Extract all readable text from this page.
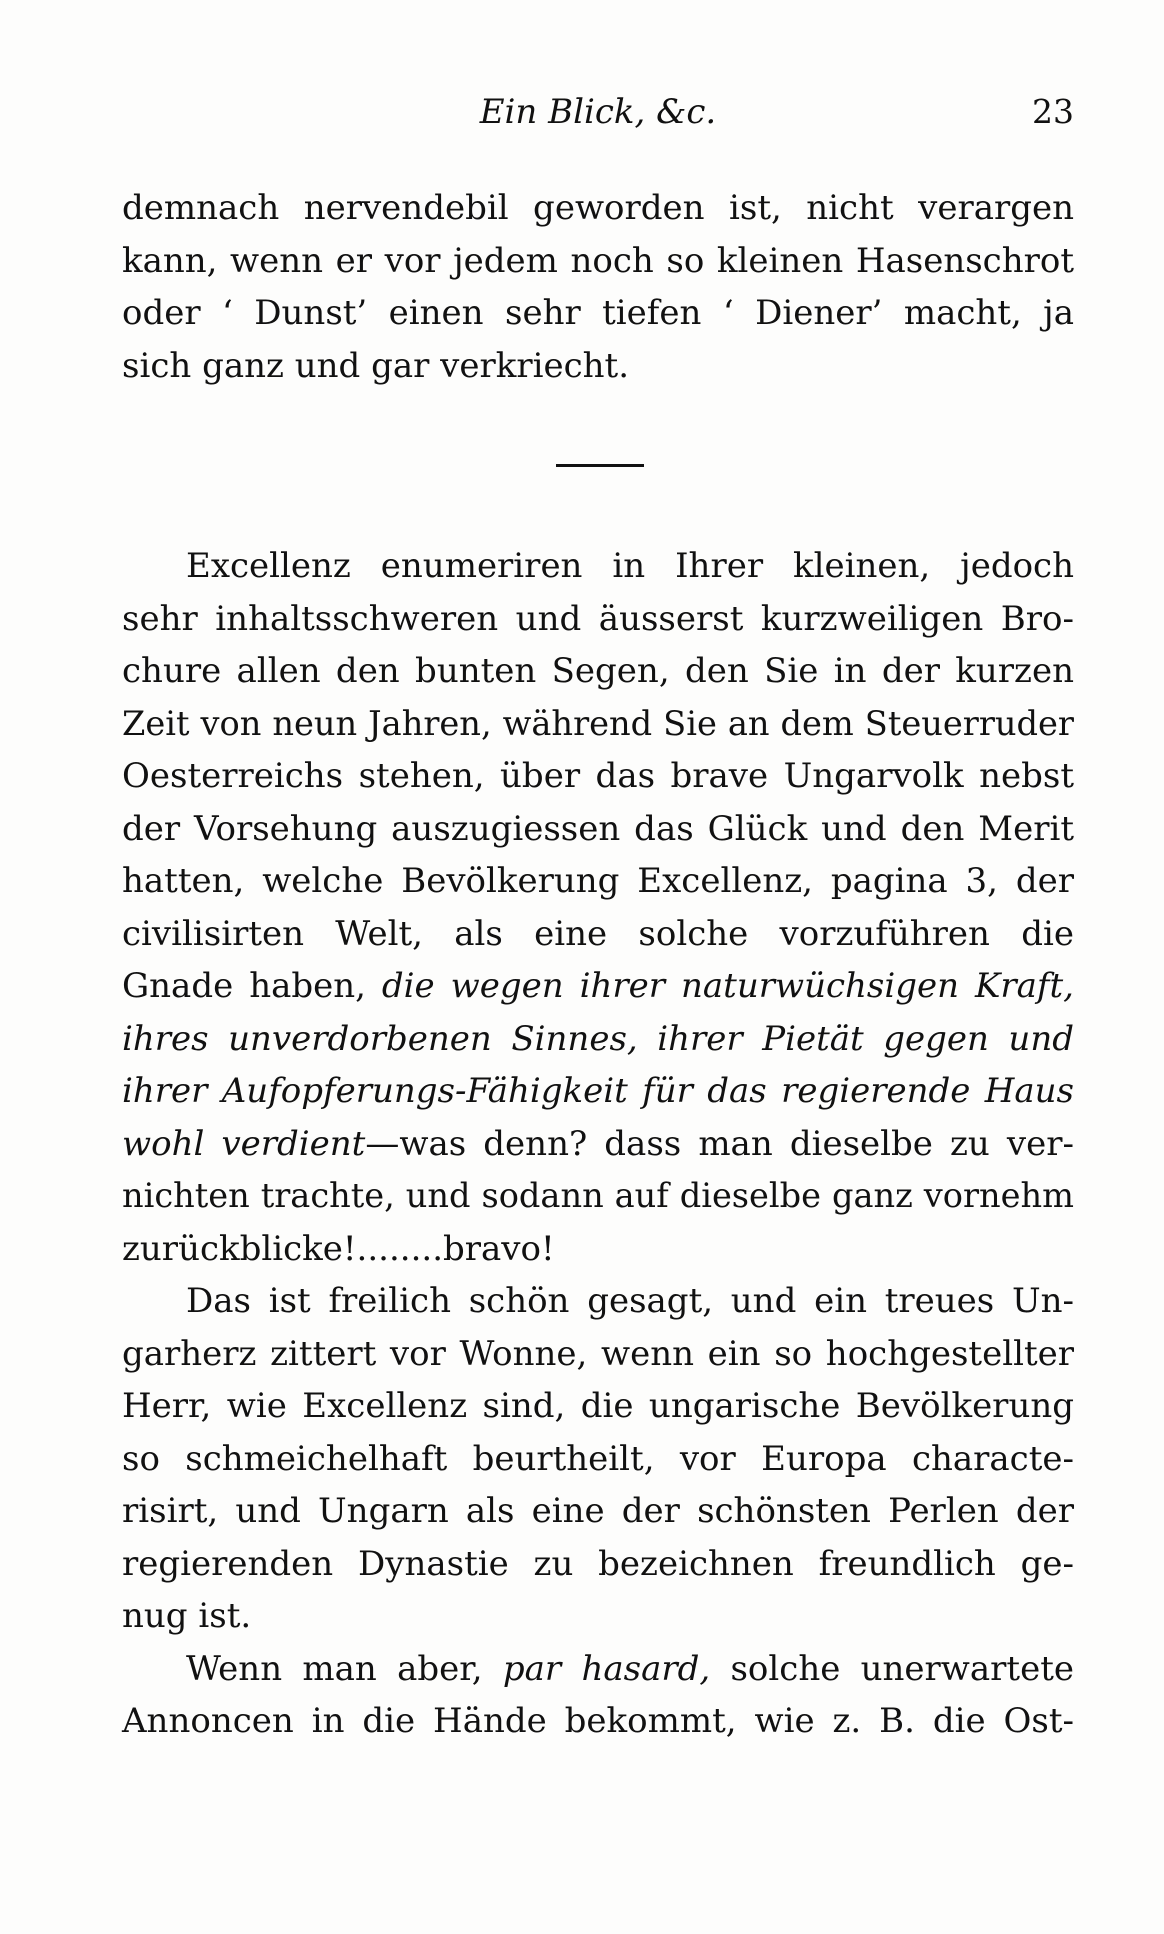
Ein Blick, &c.	23
demnach nervendebil geworden ist, nicht verargen
kann, wenn er vor jedem noch so kleinen Hasenschrot
oder ‘ Dunst’ einen sehr tiefen ‘ Diener’ macht, ja
sich ganz und gar verkriecht.
Excellenz enumeriren in Ihrer kleinen, jedoch
sehr inhaltsschweren und äusserst kurzweiligen Bro-
chure allen den bunten Segen, den Sie in der kurzen
Zeit von neun Jahren, während Sie an dem Steuerruder
Oesterreichs stehen, über das brave Ungarvolk nebst
der Vorsehung auszugiessen das Glück und den Merit
hatten, welche Bevölkerung Excellenz, pagina 3, der
civilisirten Welt, als eine solche vorzuführen die
Gnade haben, die wegen ihrer naturwüchsigen Kraft,
ihres unverdorbenen Sinnes, ihrer Pietät gegen und
ihrer Aufopferungs-Fähigkeit für das regierende Haus
wohl verdient—was denn? dass man dieselbe zu ver-
nichten trachte, und sodann auf dieselbe ganz vornehm
zurückblicke!........bravo!
Das ist freilich schön gesagt, und ein treues Un-
garherz zittert vor Wonne, wenn ein so hochgestellter
Herr, wie Excellenz sind, die ungarische Bevölkerung
so schmeichelhaft beurtheilt, vor Europa characte-
risirt, und Ungarn als eine der schönsten Perlen der
regierenden Dynastie zu bezeichnen freundlich ge-
nug ist.
Wenn man aber, par hasard, solche unerwartete
Annoncen in die Hände bekommt, wie z. B. die Ost-
